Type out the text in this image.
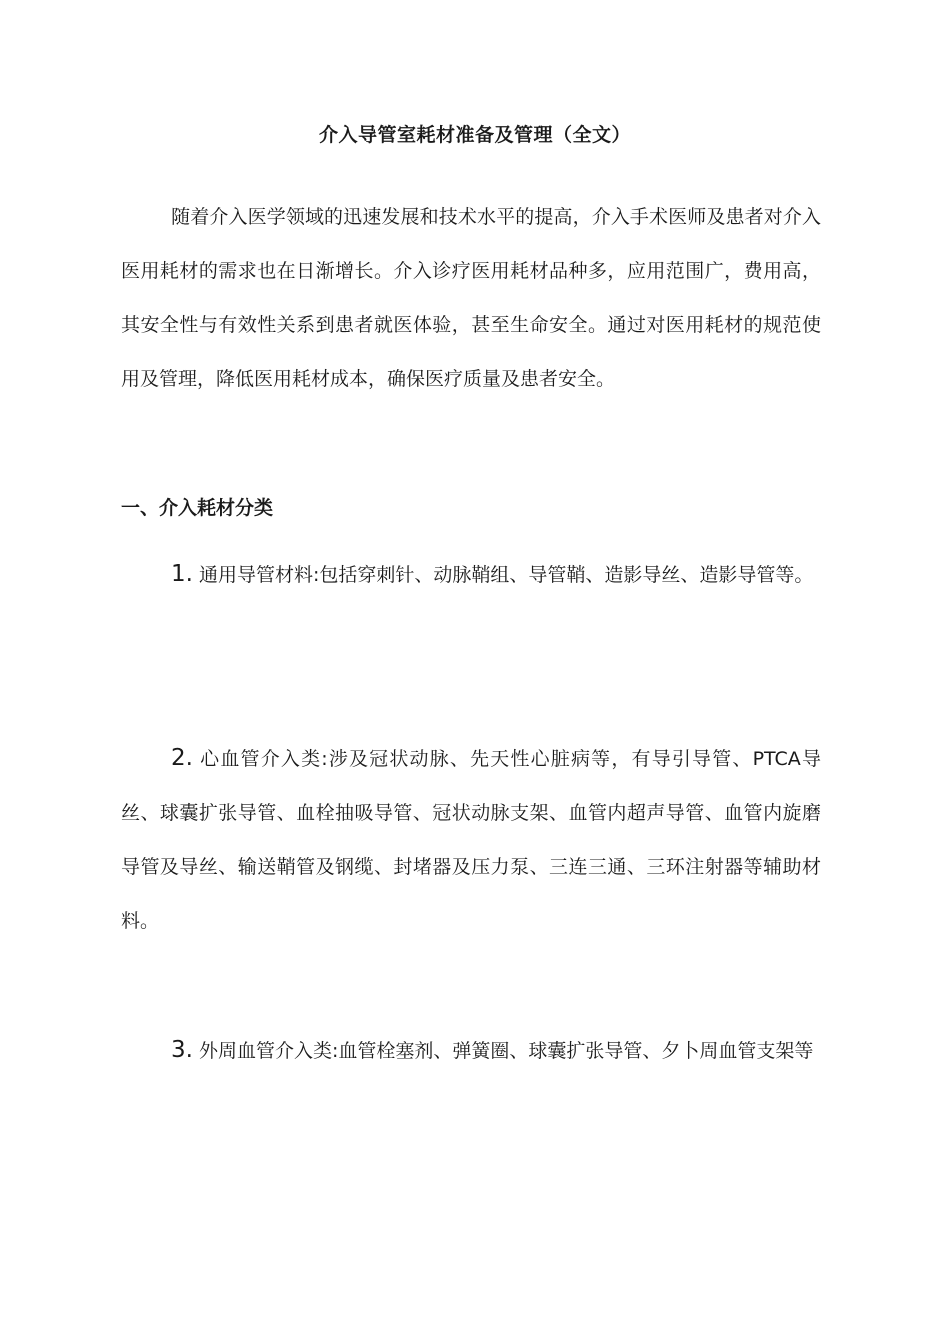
介入导管室耗材准备及管理（全文）
随着介入医学领域的迅速发展和技术水平的提高，介入手术医师及患者对介入医用耗材的需求也在日渐增长。介入诊疗医用耗材品种多，应用范围广，费用高，其安全性与有效性关系到患者就医体验，甚至生命安全。通过对医用耗材的规范使用及管理，降低医用耗材成本，确保医疗质量及患者安全。
一、介入耗材分类
1. 通用导管材料:包括穿刺针、动脉鞘组、导管鞘、造影导丝、造影导管等。
2. 心血管介入类:涉及冠状动脉、先天性心脏病等，有导引导管、PTCA导丝、球囊扩张导管、血栓抽吸导管、冠状动脉支架、血管内超声导管、血管内旋磨导管及导丝、输送鞘管及钢缆、封堵器及压力泵、三连三通、三环注射器等辅助材料。
3. 外周血管介入类:血管栓塞剂、弹簧圈、球囊扩张导管、夕卜周血管支架等
